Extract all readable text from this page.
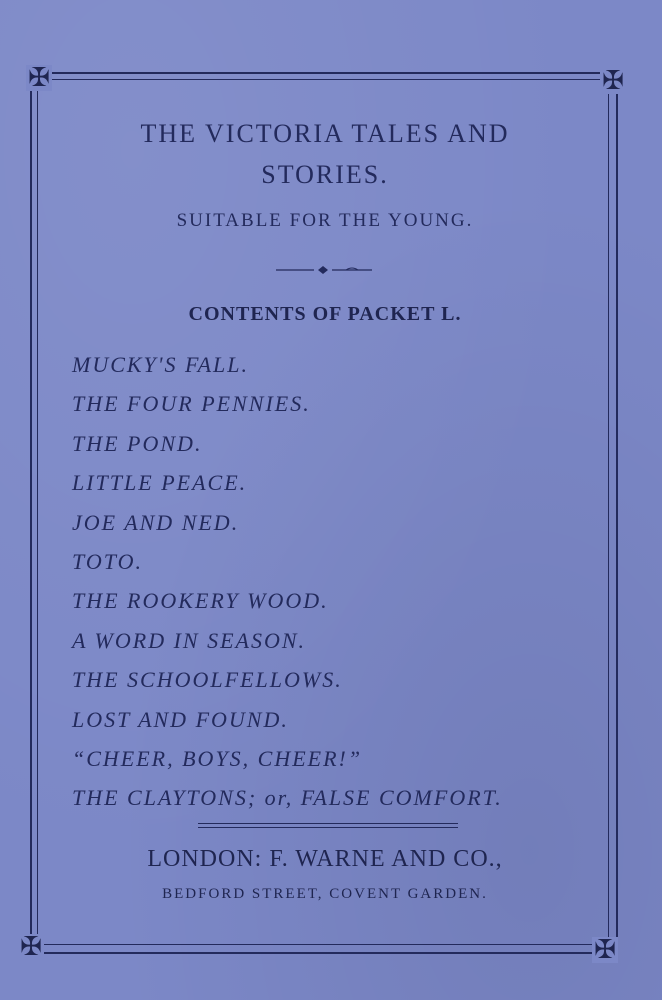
✠	✠
✠	✠
THE VICTORIA TALES AND
STORIES.
SUITABLE FOR THE YOUNG.
CONTENTS OF PACKET L.
MUCKY'S FALL.
THE FOUR PENNIES.
THE POND.
LITTLE PEACE.
JOE AND NED.
TOTO.
THE ROOKERY WOOD.
A WORD IN SEASON.
THE SCHOOLFELLOWS.
LOST AND FOUND.
“CHEER, BOYS, CHEER!”
THE CLAYTONS; or, FALSE COMFORT.
LONDON: F. WARNE AND CO.,
BEDFORD STREET, COVENT GARDEN.
